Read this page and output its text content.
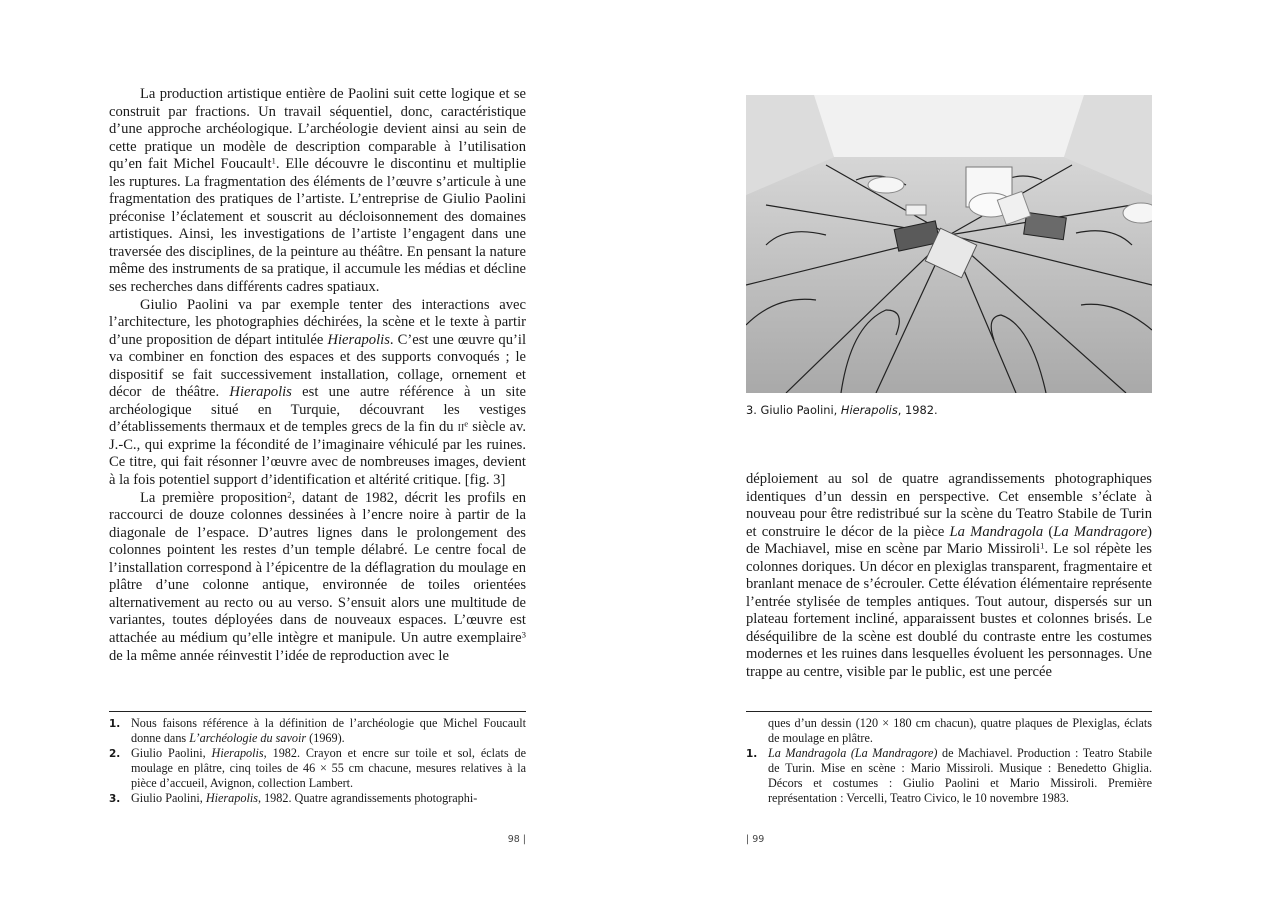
La production artistique entière de Paolini suit cette logique et se construit par fractions. Un travail séquentiel, donc, caractéristique d’une approche archéologique. L’archéologie devient ainsi au sein de cette pratique un modèle de description comparable à l’utilisation qu’en fait Michel Foucault$^1$. Elle découvre le discontinu et multiplie les ruptures. La fragmentation des éléments de l’œuvre s’articule à une fragmentation des pratiques de l’artiste. L’entreprise de Giulio Paolini préconise l’éclatement et souscrit au décloisonnement des domaines artistiques. Ainsi, les investigations de l’artiste l’engagent dans une traversée des disciplines, de la peinture au théâtre. En pensant la nature même des instruments de sa pratique, il accumule les médias et décline ses recherches dans différents cadres spatiaux.

Giulio Paolini va par exemple tenter des interactions avec l’architecture, les photographies déchirées, la scène et le texte à partir d’une proposition de départ intitulée Hierapolis. C’est une œuvre qu’il va combiner en fonction des espaces et des supports convoqués ; le dispositif se fait successivement installation, collage, ornement et décor de théâtre. Hierapolis est une autre référence à un site archéologique situé en Turquie, découvrant les vestiges d’établissements thermaux et de temples grecs de la fin du $ii^e$ siècle av. J.-C., qui exprime la fécondité de l’imaginaire véhiculé par les ruines. Ce titre, qui fait résonner l’œuvre avec de nombreuses images, devient à la fois potentiel support d’identification et altérité critique. [fig. 3]

La première proposition$^2$, datant de 1982, décrit les profils en raccourci de douze colonnes dessinées à l’encre noire à partir de la diagonale de l’espace. D’autres lignes dans le prolongement des colonnes pointent les restes d’un temple délabré. Le centre focal de l’installation correspond à l’épicentre de la déflagration du moulage en plâtre d’une colonne antique, environnée de toiles orientées alternativement au recto ou au verso. S’ensuit alors une multitude de variantes, toutes déployées dans de nouveaux espaces. L’œuvre est attachée au médium qu’elle intègre et manipule. Un autre exemplaire$^3$ de la même année réinvestit l’idée de reproduction avec le

1. Nous faisons référence à la définition de l’archéologie que Michel Foucault donne dans L’archéologie du savoir (1969).
2. Giulio Paolini, Hierapolis, 1982. Crayon et encre sur toile et sol, éclats de moulage en plâtre, cinq toiles de 46 × 55 cm chacune, mesures relatives à la pièce d’accueil, Avignon, collection Lambert.
3. Giulio Paolini, Hierapolis, 1982. Quatre agrandissements photographi-
98 |
3. Giulio Paolini, Hierapolis, 1982.

déploiement au sol de quatre agrandissements photographiques identiques d’un dessin en perspective. Cet ensemble s’éclate à nouveau pour être redistribué sur la scène du Teatro Stabile de Turin et construire le décor de la pièce La Mandragola (La Mandragore) de Machiavel, mise en scène par Mario Missiroli$^1$. Le sol répète les colonnes doriques. Un décor en plexiglas transparent, fragmentaire et branlant menace de s’écrouler. Cette élévation élémentaire représente l’entrée stylisée de temples antiques. Tout autour, dispersés sur un plateau fortement incliné, apparaissent bustes et colonnes brisés. Le déséquilibre de la scène est doublé du contraste entre les costumes modernes et les ruines dans lesquelles évoluent les personnages. Une trappe au centre, visible par le public, est une percée

ques d’un dessin (120 × 180 cm chacun), quatre plaques de Plexiglas, éclats de moulage en plâtre.
1. La Mandragola (La Mandragore) de Machiavel. Production : Teatro Stabile de Turin. Mise en scène : Mario Missiroli. Musique : Benedetto Ghiglia. Décors et costumes : Giulio Paolini et Mario Missiroli. Première représentation : Vercelli, Teatro Civico, le 10 novembre 1983.
| 99
